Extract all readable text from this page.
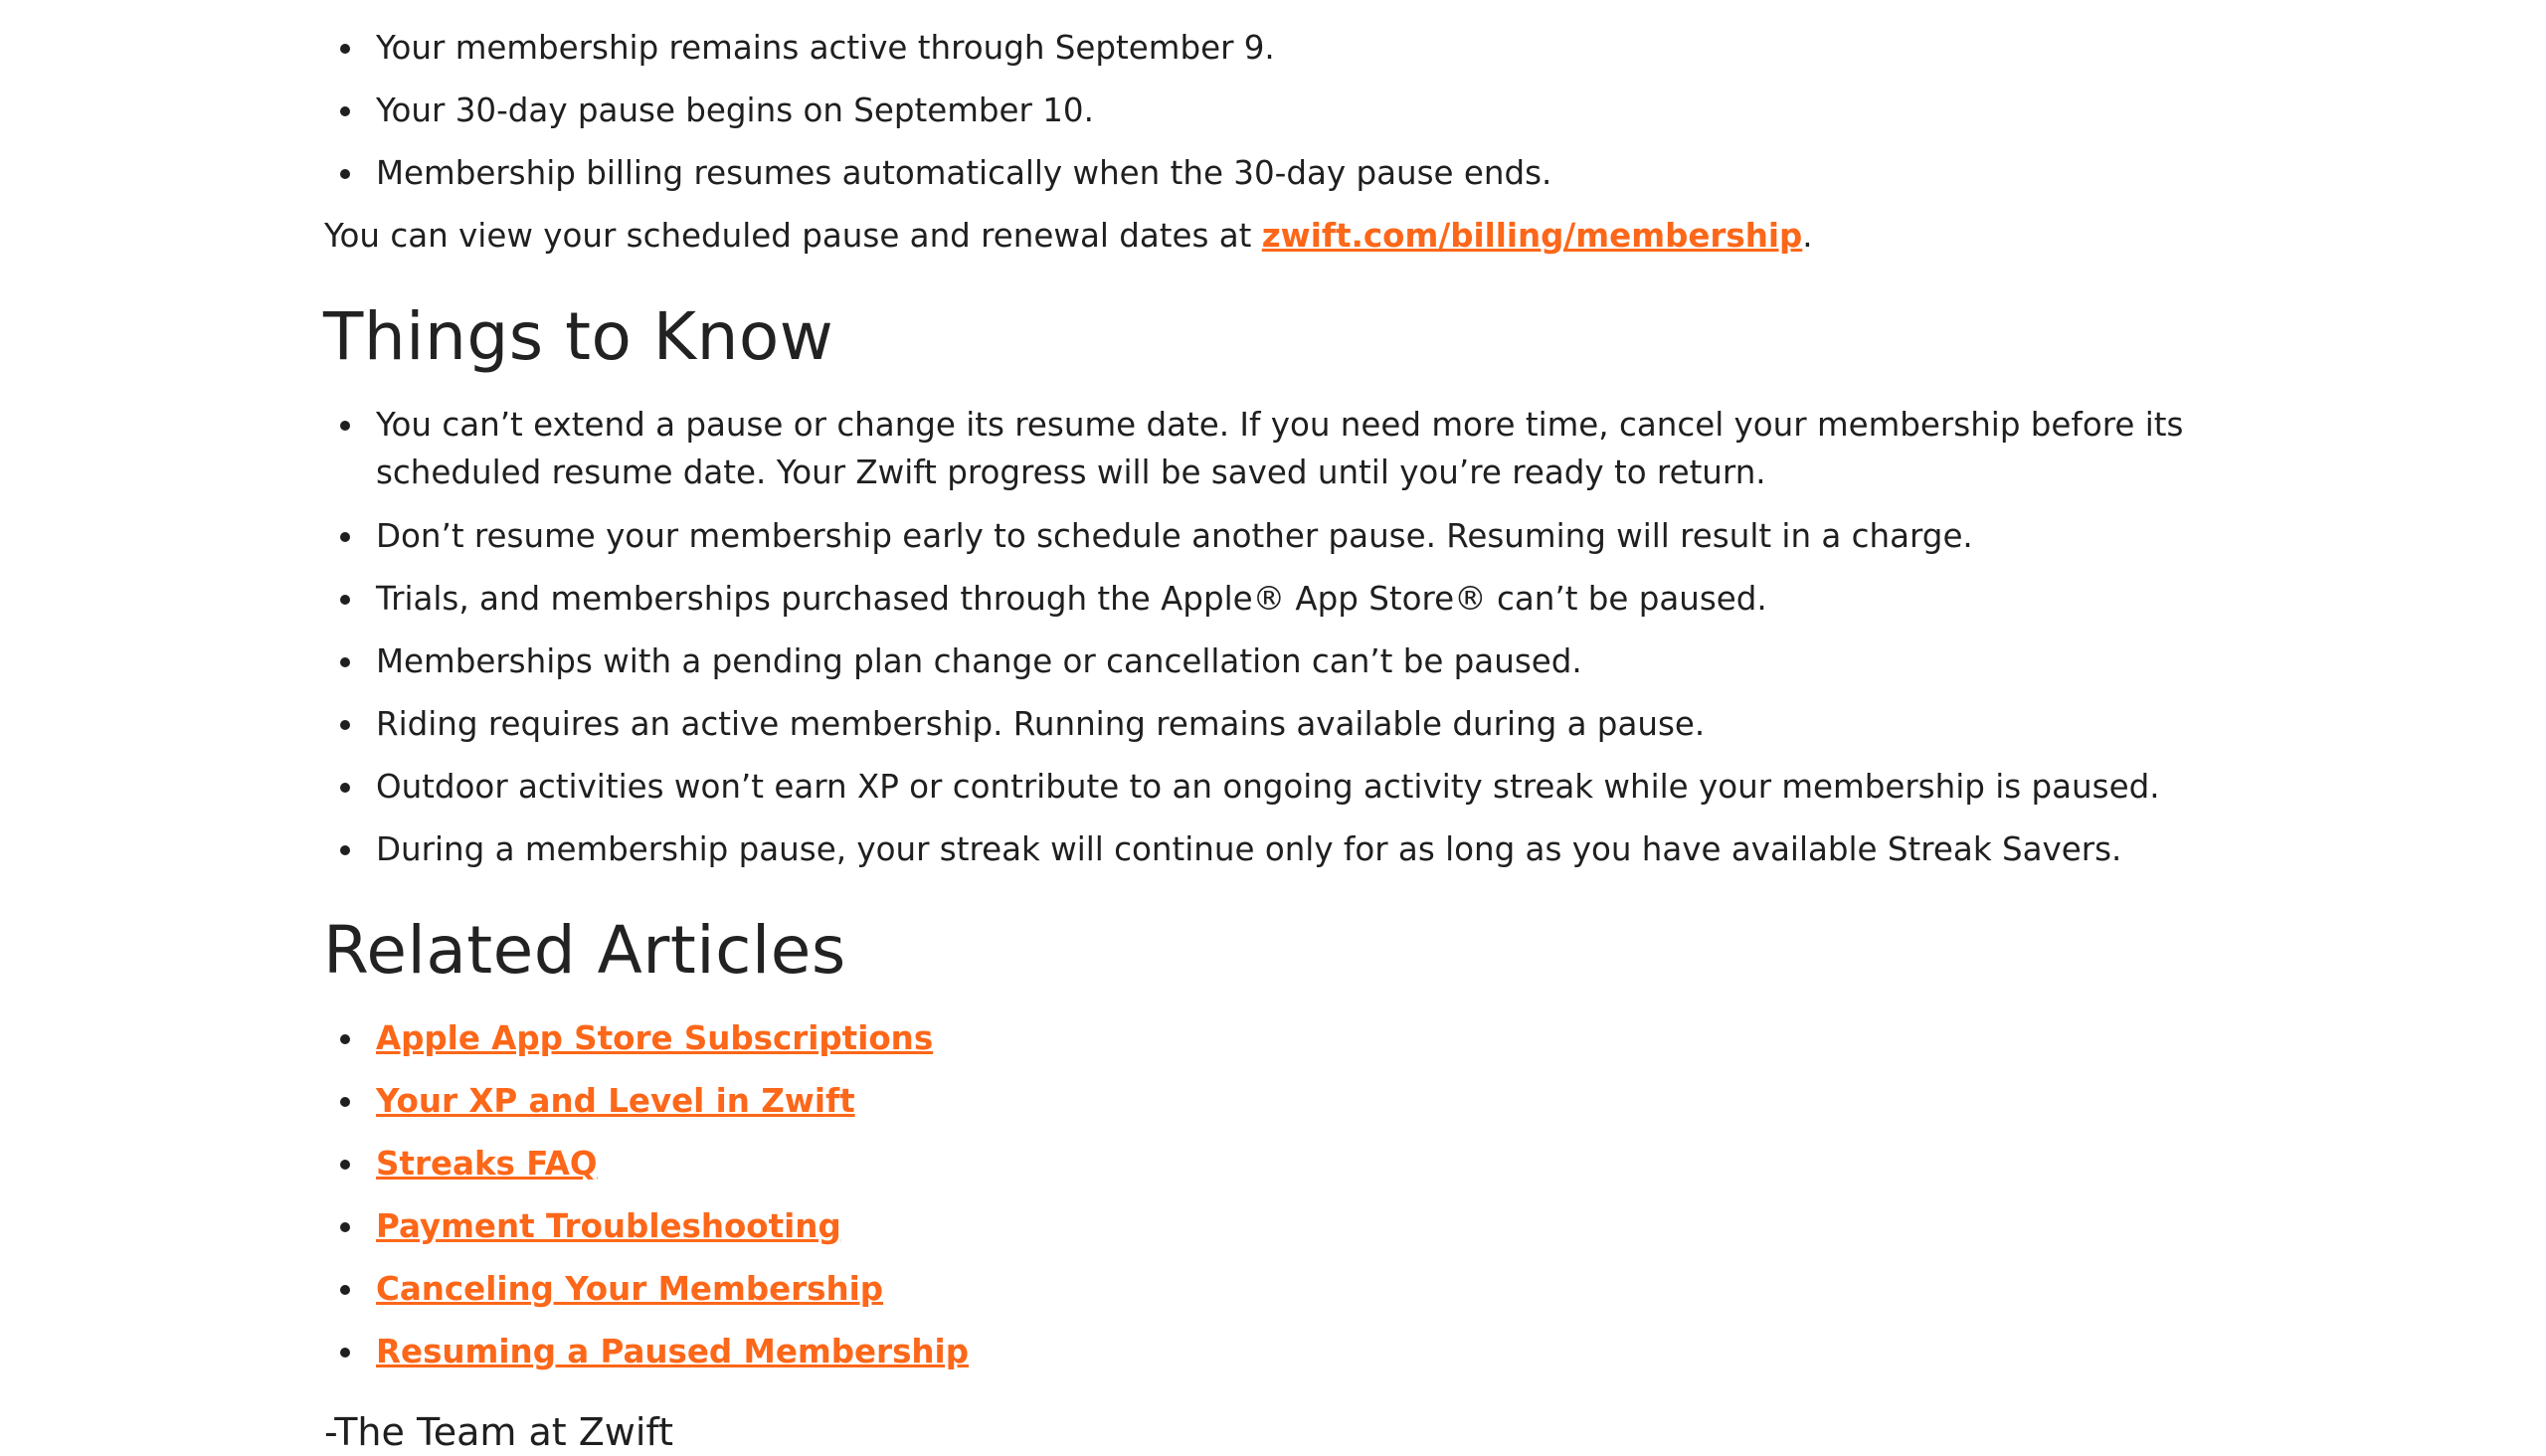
Your membership remains active through September 9.
Your 30-day pause begins on September 10.
Membership billing resumes automatically when the 30-day pause ends.
You can view your scheduled pause and renewal dates at zwift.com/billing/membership.
Things to Know
You can’t extend a pause or change its resume date. If you need more time, cancel your membership before its scheduled resume date. Your Zwift progress will be saved until you’re ready to return.
Don’t resume your membership early to schedule another pause. Resuming will result in a charge.
Trials, and memberships purchased through the Apple® App Store® can’t be paused.
Memberships with a pending plan change or cancellation can’t be paused.
Riding requires an active membership. Running remains available during a pause.
Outdoor activities won’t earn XP or contribute to an ongoing activity streak while your membership is paused.
During a membership pause, your streak will continue only for as long as you have available Streak Savers.
Related Articles
Apple App Store Subscriptions
Your XP and Level in Zwift
Streaks FAQ
Payment Troubleshooting
Canceling Your Membership
Resuming a Paused Membership
-The Team at Zwift
